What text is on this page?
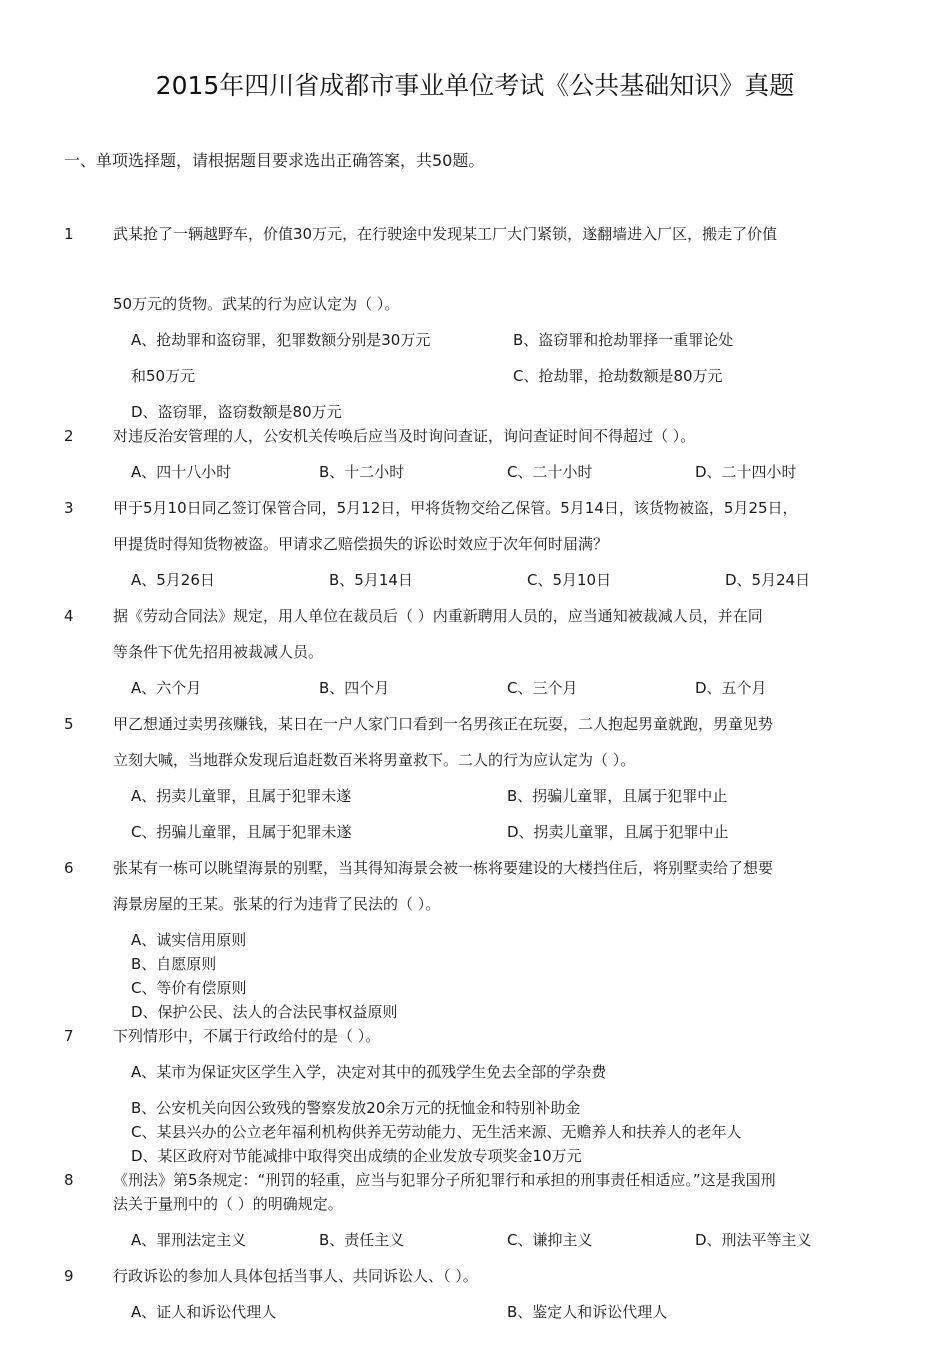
2015年四川省成都市事业单位考试《公共基础知识》真题
一、单项选择题，请根据题目要求选出正确答案，共50题。
1	武某抢了一辆越野车，价值30万元，在行驶途中发现某工厂大门紧锁，遂翻墙进入厂区，搬走了价值
50万元的货物。武某的行为应认定为（ ）。
A、抢劫罪和盗窃罪，犯罪数额分别是30万元	B、盗窃罪和抢劫罪择一重罪论处
和50万元	C、抢劫罪，抢劫数额是80万元
D、盗窃罪，盗窃数额是80万元
2	对违反治安管理的人，公安机关传唤后应当及时询问查证，询问查证时间不得超过（ ）。
A、四十八小时	B、十二小时	C、二十小时	D、二十四小时
3	甲于5月10日同乙签订保管合同，5月12日，甲将货物交给乙保管。5月14日，该货物被盗，5月25日，
甲提货时得知货物被盗。甲请求乙赔偿损失的诉讼时效应于次年何时届满？
A、5月26日	B、5月14日	C、5月10日	D、5月24日
4	据《劳动合同法》规定，用人单位在裁员后（ ）内重新聘用人员的，应当通知被裁减人员，并在同
等条件下优先招用被裁减人员。
A、六个月	B、四个月	C、三个月	D、五个月
5	甲乙想通过卖男孩赚钱，某日在一户人家门口看到一名男孩正在玩耍，二人抱起男童就跑，男童见势
立刻大喊，当地群众发现后追赶数百米将男童救下。二人的行为应认定为（ ）。
A、拐卖儿童罪，且属于犯罪未遂	B、拐骗儿童罪，且属于犯罪中止
C、拐骗儿童罪，且属于犯罪未遂	D、拐卖儿童罪，且属于犯罪中止
6	张某有一栋可以眺望海景的别墅，当其得知海景会被一栋将要建设的大楼挡住后，将别墅卖给了想要
海景房屋的王某。张某的行为违背了民法的（ ）。
A、诚实信用原则
B、自愿原则
C、等价有偿原则
D、保护公民、法人的合法民事权益原则
7	下列情形中，不属于行政给付的是（ ）。
A、某市为保证灾区学生入学，决定对其中的孤残学生免去全部的学杂费
B、公安机关向因公致残的警察发放20余万元的抚恤金和特别补助金
C、某县兴办的公立老年福利机构供养无劳动能力、无生活来源、无赡养人和扶养人的老年人
D、某区政府对节能减排中取得突出成绩的企业发放专项奖金10万元
8	《刑法》第5条规定：“刑罚的轻重，应当与犯罪分子所犯罪行和承担的刑事责任相适应。”这是我国刑
法关于量刑中的（ ）的明确规定。
A、罪刑法定主义	B、责任主义	C、谦抑主义	D、刑法平等主义
9	行政诉讼的参加人具体包括当事人、共同诉讼人、（ ）。
A、证人和诉讼代理人	B、鉴定人和诉讼代理人
